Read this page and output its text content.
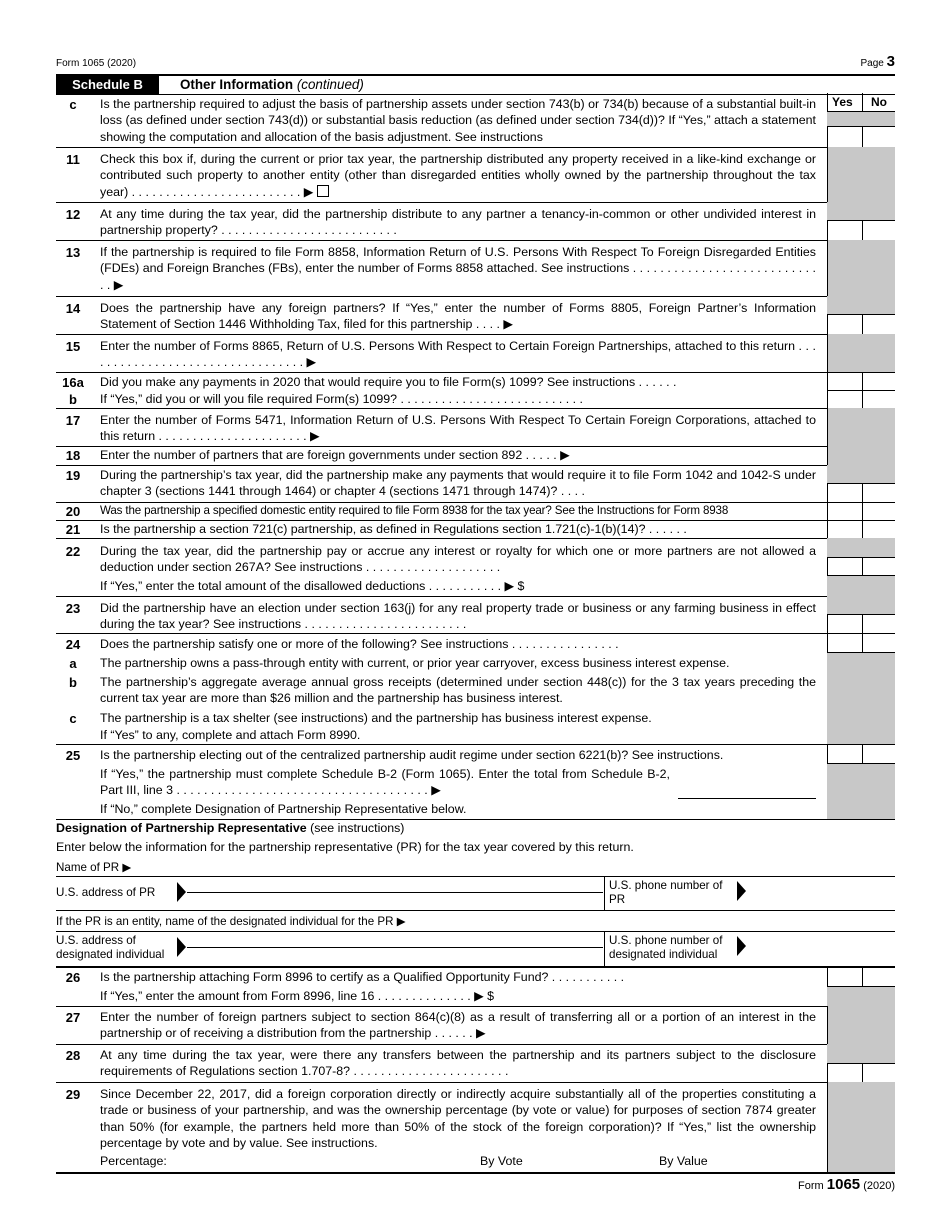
Form 1065 (2020)	Page 3
Schedule B	Other Information (continued)
c	Is the partnership required to adjust the basis of partnership assets under section 743(b) or 734(b) because of a substantial built-in loss (as defined under section 743(d)) or substantial basis reduction (as defined under section 734(d))? If “Yes,” attach a statement showing the computation and allocation of the basis adjustment. See instructions
Yes No
11	Check this box if, during the current or prior tax year, the partnership distributed any property received in a like-kind exchange or contributed such property to another entity (other than disregarded entities wholly owned by the partnership throughout the tax year) . . . . . . . . . . . . . . . . . . . . . . . . . ▶
12	At any time during the tax year, did the partnership distribute to any partner a tenancy-in-common or other undivided interest in partnership property? . . . . . . . . . . . . . . . . . . . . . . . . . .
13	If the partnership is required to file Form 8858, Information Return of U.S. Persons With Respect To Foreign Disregarded Entities (FDEs) and Foreign Branches (FBs), enter the number of Forms 8858 attached. See instructions . . . . . . . . . . . . . . . . . . . . . . . . . . . . . ▶
14	Does the partnership have any foreign partners? If “Yes,” enter the number of Forms 8805, Foreign Partner’s Information Statement of Section 1446 Withholding Tax, filed for this partnership . . . . ▶
15	Enter the number of Forms 8865, Return of U.S. Persons With Respect to Certain Foreign Partnerships, attached to this return . . . . . . . . . . . . . . . . . . . . . . . . . . . . . . . . . ▶
16a	Did you make any payments in 2020 that would require you to file Form(s) 1099? See instructions . . . . . .
b	If “Yes,” did you or will you file required Form(s) 1099? . . . . . . . . . . . . . . . . . . . . . . . . . . .
17	Enter the number of Forms 5471, Information Return of U.S. Persons With Respect To Certain Foreign Corporations, attached to this return . . . . . . . . . . . . . . . . . . . . . . ▶
18	Enter the number of partners that are foreign governments under section 892 . . . . . ▶
19	During the partnership’s tax year, did the partnership make any payments that would require it to file Form 1042 and 1042-S under chapter 3 (sections 1441 through 1464) or chapter 4 (sections 1471 through 1474)? . . . .
20	Was the partnership a specified domestic entity required to file Form 8938 for the tax year? See the Instructions for Form 8938
21	Is the partnership a section 721(c) partnership, as defined in Regulations section 1.721(c)-1(b)(14)? . . . . . .
22	During the tax year, did the partnership pay or accrue any interest or royalty for which one or more partners are not allowed a deduction under section 267A? See instructions . . . . . . . . . . . . . . . . . . . .
If “Yes,” enter the total amount of the disallowed deductions . . . . . . . . . . . ▶ $
23	Did the partnership have an election under section 163(j) for any real property trade or business or any farming business in effect during the tax year? See instructions . . . . . . . . . . . . . . . . . . . . . . . .
24	Does the partnership satisfy one or more of the following? See instructions . . . . . . . . . . . . . . . .
a	The partnership owns a pass-through entity with current, or prior year carryover, excess business interest expense.
b	The partnership’s aggregate average annual gross receipts (determined under section 448(c)) for the 3 tax years preceding the current tax year are more than $26 million and the partnership has business interest.
c	The partnership is a tax shelter (see instructions) and the partnership has business interest expense.
If “Yes” to any, complete and attach Form 8990.
25	Is the partnership electing out of the centralized partnership audit regime under section 6221(b)? See instructions.
If “Yes,” the partnership must complete Schedule B-2 (Form 1065). Enter the total from Schedule B-2, Part III, line 3 . . . . . . . . . . . . . . . . . . . . . . . . . . . . . . . . . . . . . ▶
If “No,” complete Designation of Partnership Representative below.
Designation of Partnership Representative (see instructions)
Enter below the information for the partnership representative (PR) for the tax year covered by this return.
Name of PR ▶
U.S. address of PR
U.S. phone number of
PR
If the PR is an entity, name of the designated individual for the PR ▶
U.S. address of
designated individual
U.S. phone number of
designated individual
26	Is the partnership attaching Form 8996 to certify as a Qualified Opportunity Fund? . . . . . . . . . . .
If “Yes,” enter the amount from Form 8996, line 16 . . . . . . . . . . . . . . ▶ $
27	Enter the number of foreign partners subject to section 864(c)(8) as a result of transferring all or a portion of an interest in the partnership or of receiving a distribution from the partnership . . . . . . ▶
28	At any time during the tax year, were there any transfers between the partnership and its partners subject to the disclosure requirements of Regulations section 1.707-8? . . . . . . . . . . . . . . . . . . . . . . .
29	Since December 22, 2017, did a foreign corporation directly or indirectly acquire substantially all of the properties constituting a trade or business of your partnership, and was the ownership percentage (by vote or value) for purposes of section 7874 greater than 50% (for example, the partners held more than 50% of the stock of the foreign corporation)? If “Yes,” list the ownership percentage by vote and by value. See instructions.
Percentage:	By Vote	By Value
Form 1065 (2020)
